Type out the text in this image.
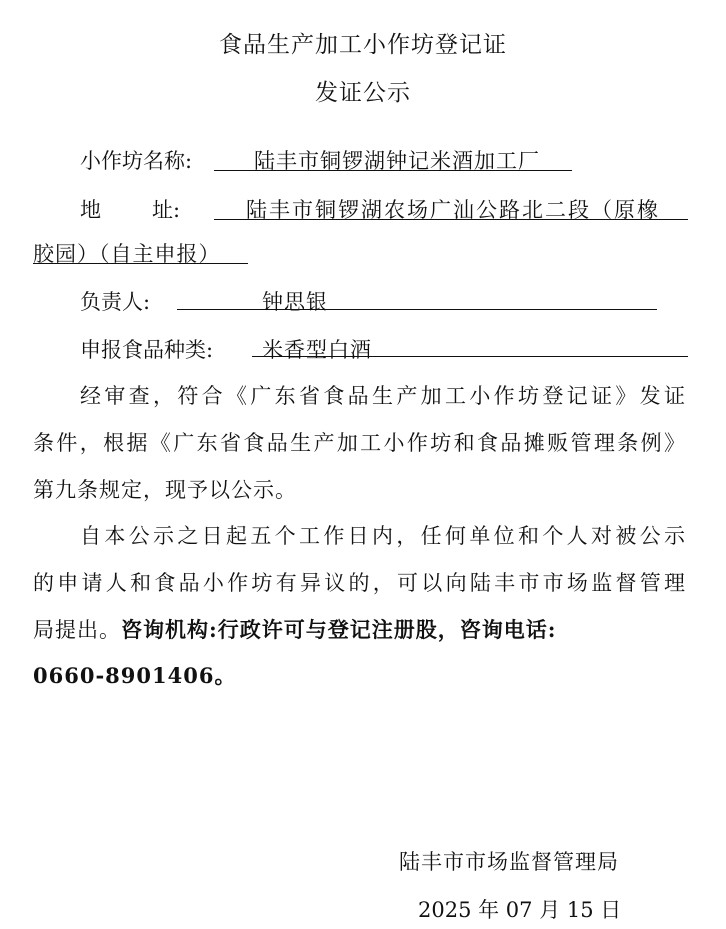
食品生产加工小作坊登记证
发证公示
小作坊名称:	陆丰市铜锣湖钟记米酒加工厂
地 址:	陆丰市铜锣湖农场广汕公路北二段（原橡
胶园）（自主申报）
负责人:	钟思银
申报食品种类: 米香型白酒
经审查，符合《广东省食品生产加工小作坊登记证》发证
条件，根据《广东省食品生产加工小作坊和食品摊贩管理条例》
第九条规定，现予以公示。
自本公示之日起五个工作日内，任何单位和个人对被公示
的申请人和食品小作坊有异议的，可以向陆丰市市场监督管理
局提出。咨询机构:行政许可与登记注册股，咨询电话:
0660-8901406。
陆丰市市场监督管理局
2025 年 07 月 15 日
